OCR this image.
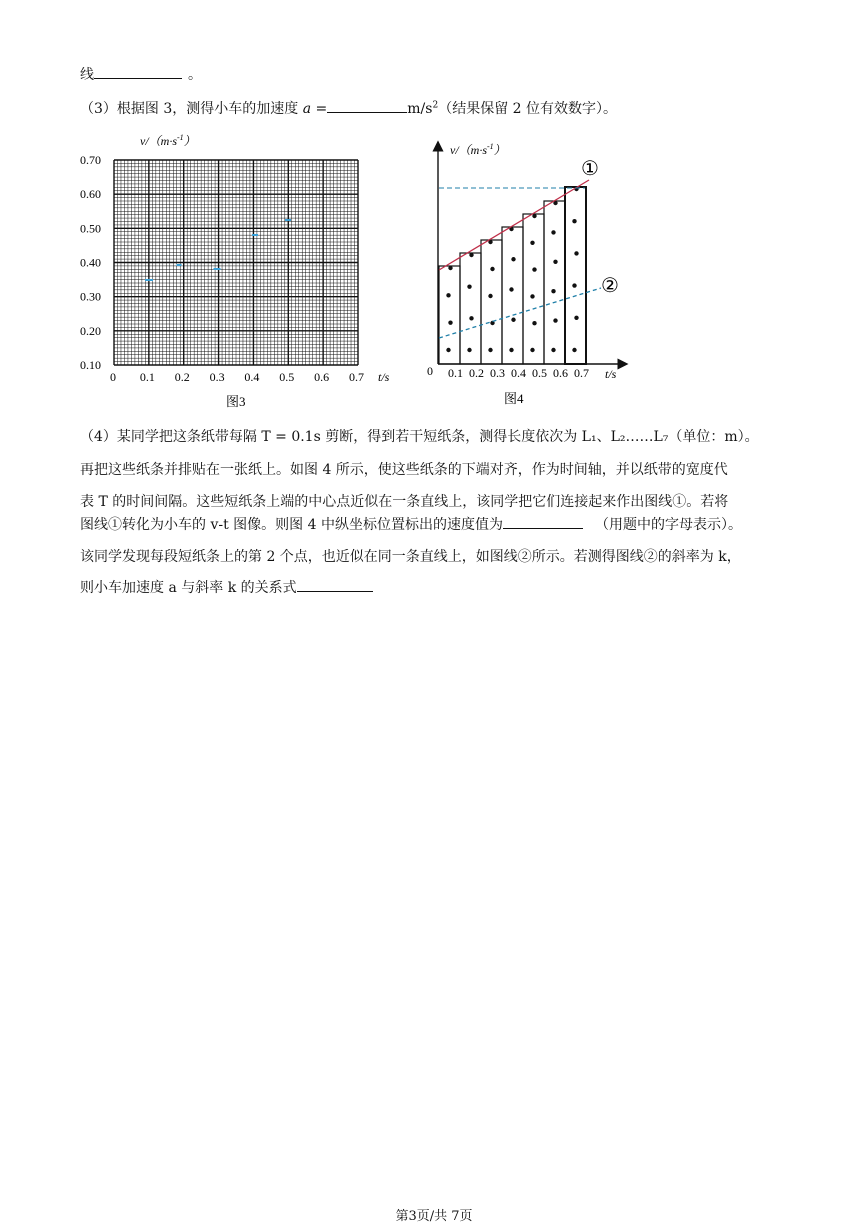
线	。
（3）根据图 3，测得小车的加速度 a =	$m/s^2$（结果保留 2 位有效数字）。
$v/(m\cdot s^{-1})$
0.70
0.60
0.50
0.40
0.30
0.20
0.10
0.1 0.2 0.3 0.4 0.5 0.6 0.7
0	t/s
图3
$v/(m\cdot s^{-1})$
①
②
0 0.1 0.2 0.3 0.4 0.5 0.6 0.7 t/s
图4
（4）某同学把这条纸带每隔 T = 0.1s 剪断，得到若干短纸条，测得长度依次为 L₁、L₂……L₇（单位：m）。
再把这些纸条并排贴在一张纸上。如图 4 所示，使这些纸条的下端对齐，作为时间轴，并以纸带的宽度代
表 T 的时间间隔。这些短纸条上端的中心点近似在一条直线上，该同学把它们连接起来作出图线①。若将
图线①转化为小车的 v-t 图像。则图 4 中纵坐标位置标出的速度值为	（用题中的字母表示）。
该同学发现每段短纸条上的第 2 个点，也近似在同一条直线上，如图线②所示。若测得图线②的斜率为 k，
则小车加速度 a 与斜率 k 的关系式
第3页/共 7页
